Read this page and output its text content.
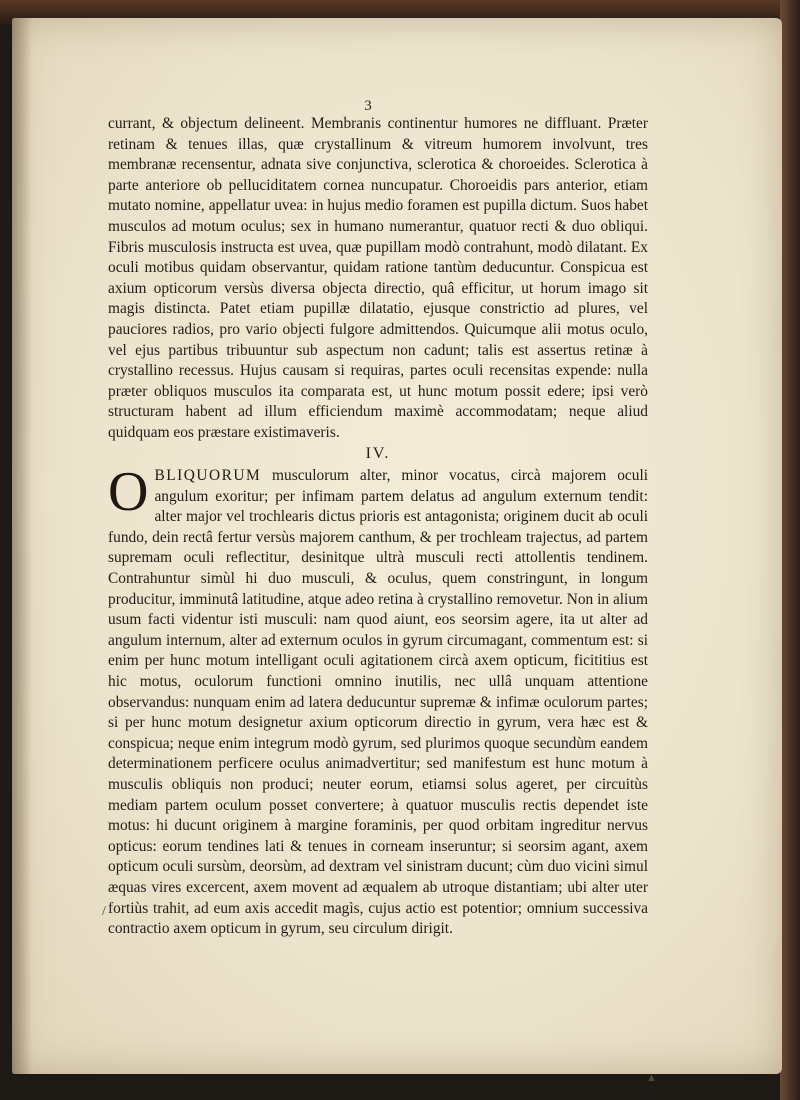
3

currant, & objectum delineent. Membranis continentur humores ne diffluant. Præter retinam & tenues illas, quæ crystallinum & vitreum humorem involvunt, tres membranæ recensentur, adnata sive conjunctiva, sclerotica & choroeides. Sclerotica à parte anteriore ob pelluciditatem cornea nuncupatur. Choroeidis pars anterior, etiam mutato nomine, appellatur uvea: in hujus medio foramen est pupilla dictum. Suos habet musculos ad motum oculus; sex in humano numerantur, quatuor recti & duo obliqui. Fibris musculosis instructa est uvea, quæ pupillam modò contrahunt, modò dilatant. Ex oculi motibus quidam observantur, quidam ratione tantùm deducuntur. Conspicua est axium opticorum versùs diversa objecta directio, quâ efficitur, ut horum imago sit magis distincta. Patet etiam pupillæ dilatatio, ejusque constrictio ad plures, vel pauciores radios, pro vario objecti fulgore admittendos. Quicumque alii motus oculo, vel ejus partibus tribuuntur sub aspectum non cadunt; talis est assertus retinæ à crystallino recessus. Hujus causam si requiras, partes oculi recensitas expende: nulla præter obliquos musculos ita comparata est, ut hunc motum possit edere; ipsi verò structuram habent ad illum efficiendum maximè accommodatam; neque aliud quidquam eos præstare existimaveris.

IV.

OBLIQUORUM musculorum alter, minor vocatus, circà majorem oculi angulum exoritur; per infimam partem delatus ad angulum externum tendit: alter major vel trochlearis dictus prioris est antagonista; originem ducit ab oculi fundo, dein rectâ fertur versùs majorem canthum, & per trochleam trajectus, ad partem supremam oculi reflectitur, desinitque ultrà musculi recti attollentis tendinem. Contrahuntur simùl hi duo musculi, & oculus, quem constringunt, in longum producitur, imminutâ latitudine, atque adeo retina à crystallino removetur. Non in alium usum facti videntur isti musculi: nam quod aiunt, eos seorsim agere, ita ut alter ad angulum internum, alter ad externum oculos in gyrum circumagant, commentum est: si enim per hunc motum intelligant oculi agitationem circà axem opticum, ficititius est hic motus, oculorum functioni omnino inutilis, nec ullâ unquam attentione observandus: nunquam enim ad latera deducuntur supremæ & infimæ oculorum partes; si per hunc motum designetur axium opticorum directio in gyrum, vera hæc est & conspicua; neque enim integrum modò gyrum, sed plurimos quoque secundùm eandem determinationem perficere oculus animadvertitur; sed manifestum est hunc motum à musculis obliquis non produci; neuter eorum, etiamsi solus ageret, per circuitùs mediam partem oculum posset convertere; à quatuor musculis rectis dependet iste motus: hi ducunt originem à margine foraminis, per quod orbitam ingreditur nervus opticus: eorum tendines lati & tenues in corneam inseruntur; si seorsim agant, axem opticum oculi sursùm, deorsùm, ad dextram vel sinistram ducunt; cùm duo vicini simul æquas vires excercent, axem movent ad æqualem ab utroque distantiam; ubi alter uter fortiùs trahit, ad eum axis accedit magìs, cujus actio est potentior; omnium successiva contractio axem opticum in gyrum, seu circulum dirigit.

/
▲
